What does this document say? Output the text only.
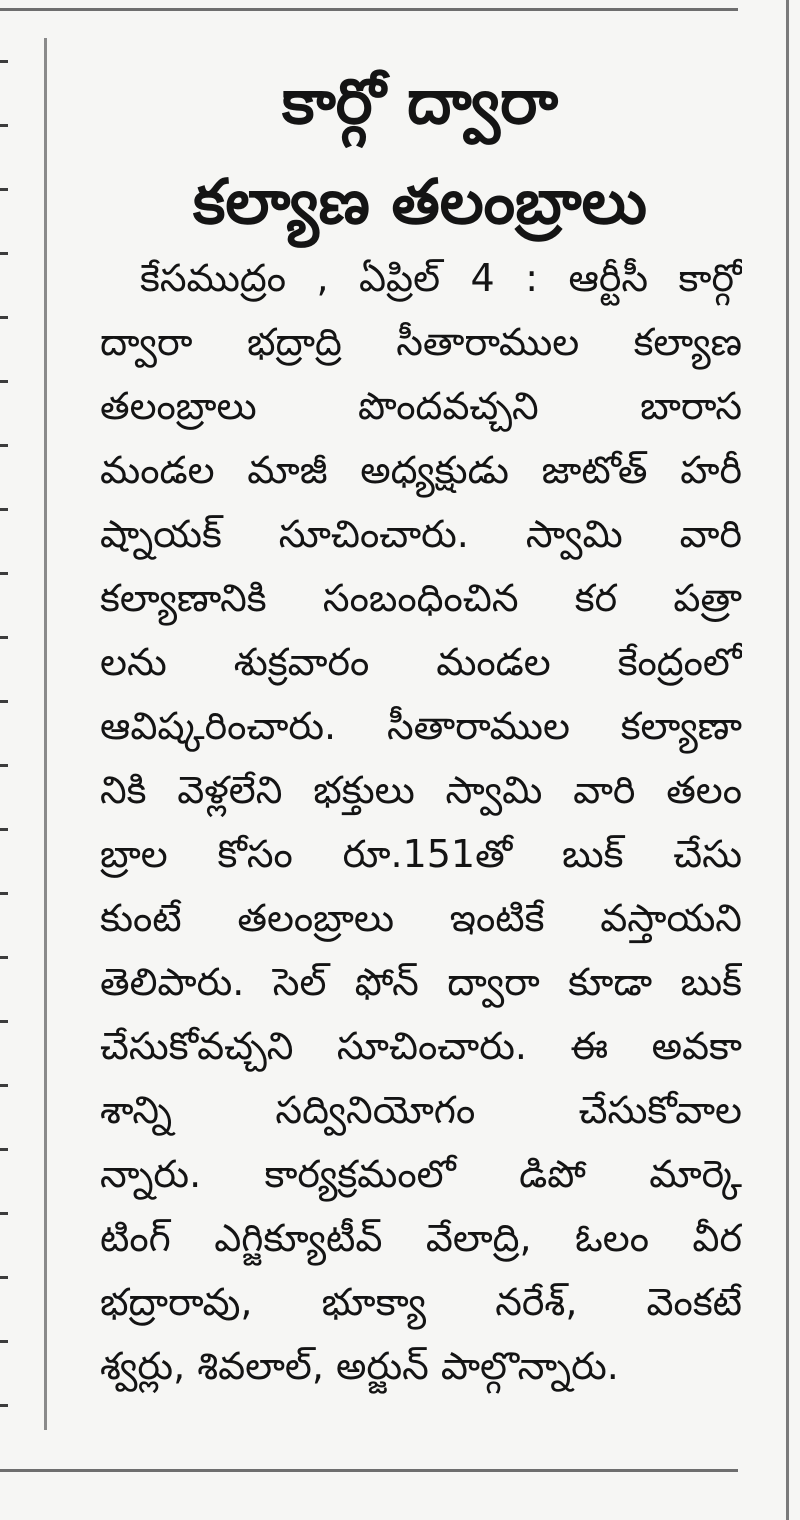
కార్గో ద్వారా
కల్యాణ తలంబ్రాలు
కేసముద్రం , ఏప్రిల్ 4 : ఆర్టీసీ కార్గో
ద్వారా భద్రాద్రి సీతారాముల కల్యాణ
తలంబ్రాలు పొందవచ్చని బారాస
మండల మాజీ అధ్యక్షుడు జాటోత్ హరీ
ష్నాయక్ సూచించారు. స్వామి వారి
కల్యాణానికి సంబంధించిన కర పత్రా
లను శుక్రవారం మండల కేంద్రంలో
ఆవిష్కరించారు. సీతారాముల కల్యాణా
నికి వెళ్లలేని భక్తులు స్వామి వారి తలం
బ్రాల కోసం రూ.151తో బుక్ చేసు
కుంటే తలంబ్రాలు ఇంటికే వస్తాయని
తెలిపారు. సెల్ ఫోన్ ద్వారా కూడా బుక్
చేసుకోవచ్చని సూచించారు. ఈ అవకా
శాన్ని సద్వినియోగం చేసుకోవాల
న్నారు. కార్యక్రమంలో డిపో మార్కె
టింగ్ ఎగ్జిక్యూటీవ్ వేలాద్రి, ఓలం వీర
భద్రారావు, భూక్యా నరేశ్, వెంకటే
శ్వర్లు, శివలాల్, అర్జున్ పాల్గొన్నారు.
